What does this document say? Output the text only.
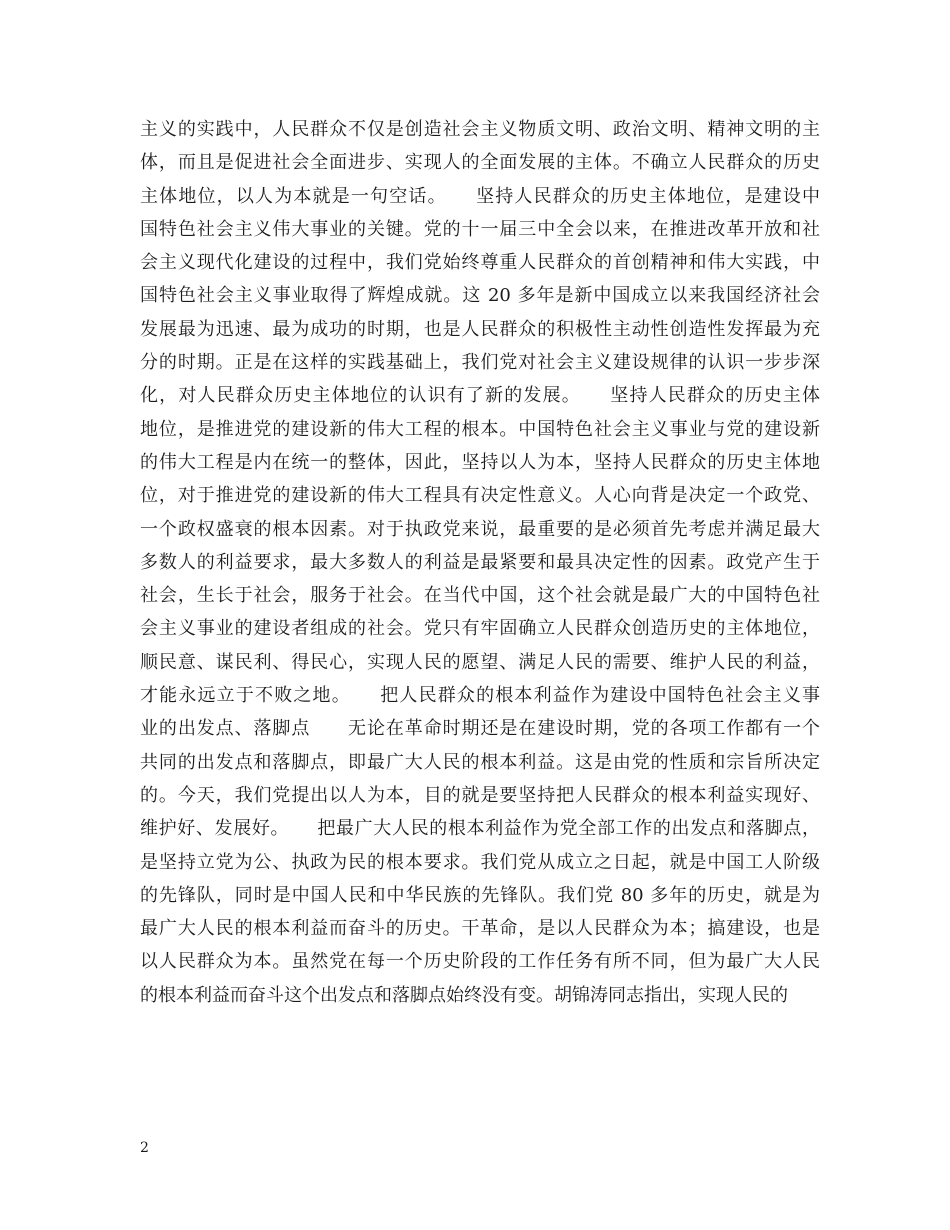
主义的实践中，人民群众不仅是创造社会主义物质文明、政治文明、精神文明的主
体，而且是促进社会全面进步、实现人的全面发展的主体。不确立人民群众的历史
主体地位，以人为本就是一句空话。　　坚持人民群众的历史主体地位，是建设中
国特色社会主义伟大事业的关键。党的十一届三中全会以来，在推进改革开放和社
会主义现代化建设的过程中，我们党始终尊重人民群众的首创精神和伟大实践，中
国特色社会主义事业取得了辉煌成就。这 20 多年是新中国成立以来我国经济社会
发展最为迅速、最为成功的时期，也是人民群众的积极性主动性创造性发挥最为充
分的时期。正是在这样的实践基础上，我们党对社会主义建设规律的认识一步步深
化，对人民群众历史主体地位的认识有了新的发展。　　坚持人民群众的历史主体
地位，是推进党的建设新的伟大工程的根本。中国特色社会主义事业与党的建设新
的伟大工程是内在统一的整体，因此，坚持以人为本，坚持人民群众的历史主体地
位，对于推进党的建设新的伟大工程具有决定性意义。人心向背是决定一个政党、
一个政权盛衰的根本因素。对于执政党来说，最重要的是必须首先考虑并满足最大
多数人的利益要求，最大多数人的利益是最紧要和最具决定性的因素。政党产生于
社会，生长于社会，服务于社会。在当代中国，这个社会就是最广大的中国特色社
会主义事业的建设者组成的社会。党只有牢固确立人民群众创造历史的主体地位，
顺民意、谋民利、得民心，实现人民的愿望、满足人民的需要、维护人民的利益，
才能永远立于不败之地。　　把人民群众的根本利益作为建设中国特色社会主义事
业的出发点、落脚点　　无论在革命时期还是在建设时期，党的各项工作都有一个
共同的出发点和落脚点，即最广大人民的根本利益。这是由党的性质和宗旨所决定
的。今天，我们党提出以人为本，目的就是要坚持把人民群众的根本利益实现好、
维护好、发展好。　　把最广大人民的根本利益作为党全部工作的出发点和落脚点，
是坚持立党为公、执政为民的根本要求。我们党从成立之日起，就是中国工人阶级
的先锋队，同时是中国人民和中华民族的先锋队。我们党 80 多年的历史，就是为
最广大人民的根本利益而奋斗的历史。干革命，是以人民群众为本；搞建设，也是
以人民群众为本。虽然党在每一个历史阶段的工作任务有所不同，但为最广大人民
的根本利益而奋斗这个出发点和落脚点始终没有变。胡锦涛同志指出，实现人民的
2
